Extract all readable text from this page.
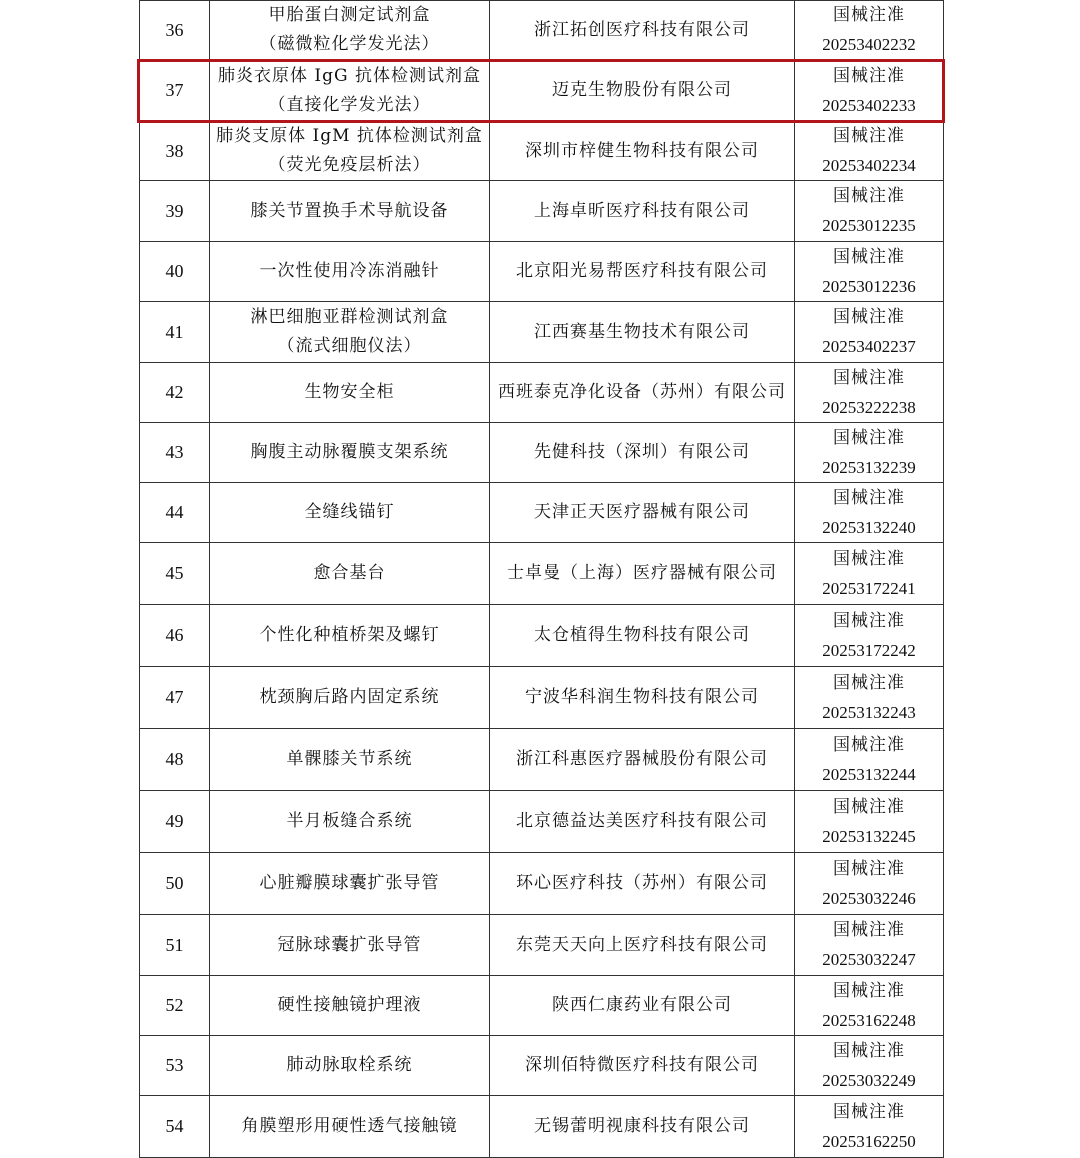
36	甲胎蛋白测定试剂盒
（磁微粒化学发光法）	浙江拓创医疗科技有限公司	国械注准
20253402232

37	肺炎衣原体 IgG 抗体检测试剂盒
（直接化学发光法）	迈克生物股份有限公司	国械注准
20253402233

38	肺炎支原体 IgM 抗体检测试剂盒
（荧光免疫层析法）	深圳市梓健生物科技有限公司	国械注准
20253402234

39	膝关节置换手术导航设备	上海卓昕医疗科技有限公司	国械注准
20253012235

40	一次性使用冷冻消融针	北京阳光易帮医疗科技有限公司	国械注准
20253012236

41	淋巴细胞亚群检测试剂盒
（流式细胞仪法）	江西赛基生物技术有限公司	国械注准
20253402237

42	生物安全柜	西班泰克净化设备（苏州）有限公司	国械注准
20253222238

43	胸腹主动脉覆膜支架系统	先健科技（深圳）有限公司	国械注准
20253132239

44	全缝线锚钉	天津正天医疗器械有限公司	国械注准
20253132240

45	愈合基台	士卓曼（上海）医疗器械有限公司	国械注准
20253172241

46	个性化种植桥架及螺钉	太仓植得生物科技有限公司	国械注准
20253172242

47	枕颈胸后路内固定系统	宁波华科润生物科技有限公司	国械注准
20253132243

48	单髁膝关节系统	浙江科惠医疗器械股份有限公司	国械注准
20253132244

49	半月板缝合系统	北京德益达美医疗科技有限公司	国械注准
20253132245

50	心脏瓣膜球囊扩张导管	环心医疗科技（苏州）有限公司	国械注准
20253032246

51	冠脉球囊扩张导管	东莞天天向上医疗科技有限公司	国械注准
20253032247

52	硬性接触镜护理液	陕西仁康药业有限公司	国械注准
20253162248

53	肺动脉取栓系统	深圳佰特微医疗科技有限公司	国械注准
20253032249

54	角膜塑形用硬性透气接触镜	无锡蕾明视康科技有限公司	国械注准
20253162250
